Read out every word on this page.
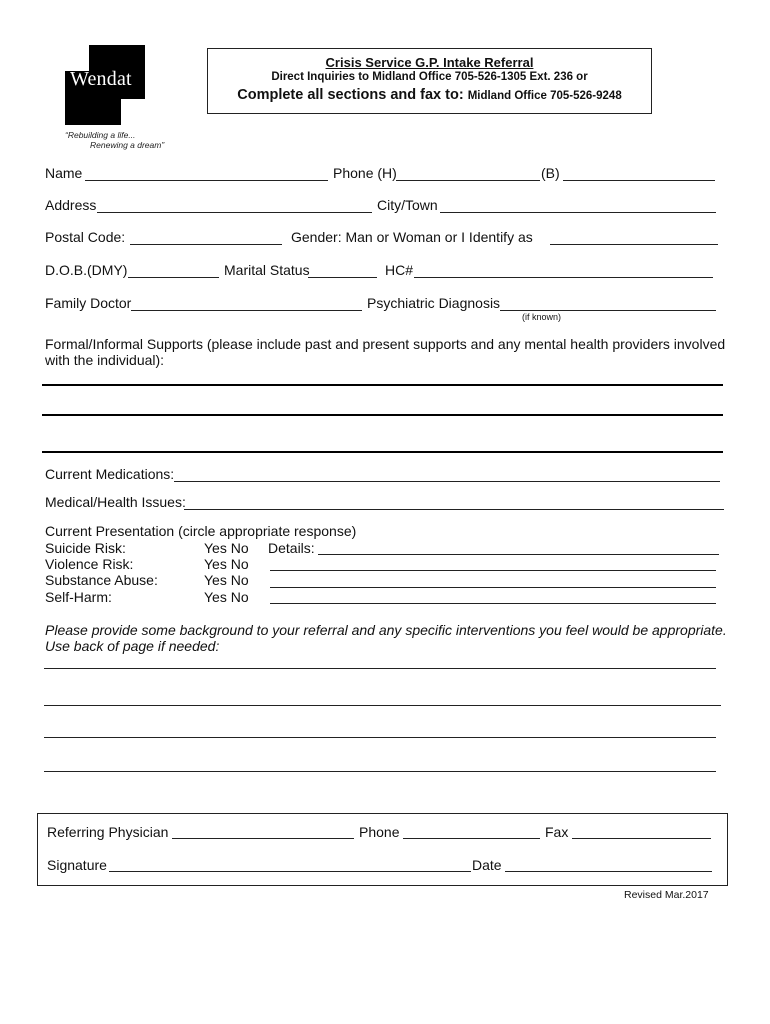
Wendat
“Rebuilding a life...
Renewing a dream”
Crisis Service G.P. Intake Referral
Direct Inquiries to Midland Office 705-526-1305 Ext. 236 or
Complete all sections and fax to: Midland Office 705-526-9248
Name	Phone (H)	(B)
Address	City/Town
Postal Code:	Gender: Man or Woman or I Identify as
D.O.B.(DMY)	Marital Status	HC#
Family Doctor	Psychiatric Diagnosis
(if known)
Formal/Informal Supports (please include past and present supports and any mental health providers involved
with the individual):
Current Medications:
Medical/Health Issues:
Current Presentation (circle appropriate response)
Suicide Risk:	Yes No Details:
Violence Risk:	Yes No
Substance Abuse:	Yes No
Self-Harm:	Yes No
Please provide some background to your referral and any specific interventions you feel would be appropriate.
Use back of page if needed:
Referring Physician	Phone	Fax
Signature	Date
Revised Mar.2017
